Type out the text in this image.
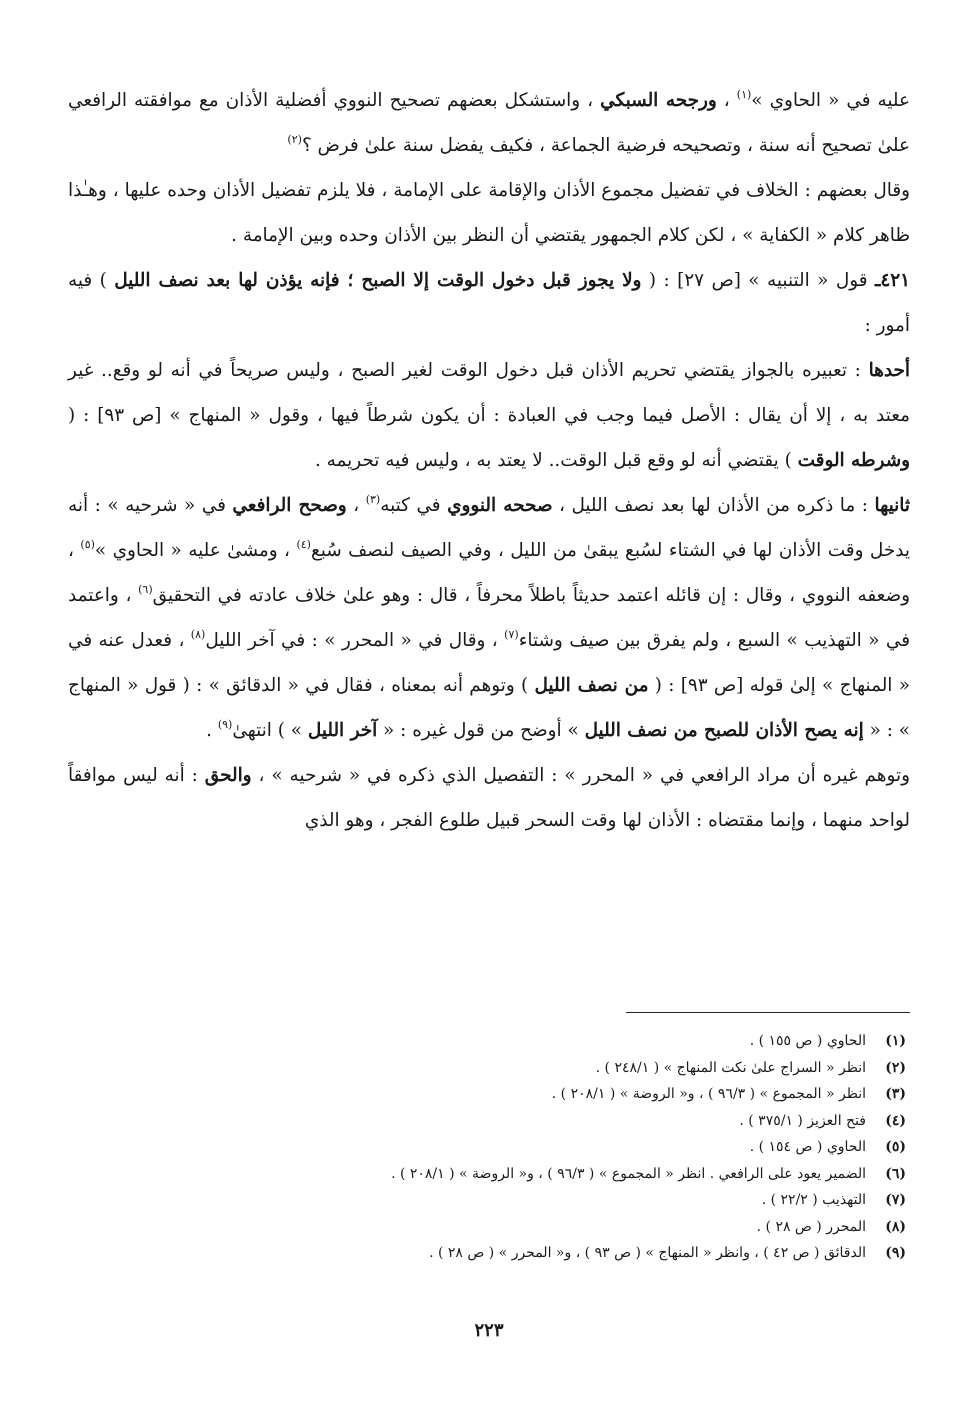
عليه في « الحاوي »$^{(١)}$ ، ورجحه السبكي ، واستشكل بعضهم تصحيح النووي أفضلية الأذان مع موافقته الرافعي علىٰ تصحيح أنه سنة ، وتصحيحه فرضية الجماعة ، فكيف يفضل سنة علىٰ فرض ؟$^{(٢)}$

وقال بعضهم : الخلاف في تفضيل مجموع الأذان والإقامة على الإمامة ، فلا يلزم تفضيل الأذان وحده عليها ، وهـٰذا ظاهر كلام « الكفاية » ، لكن كلام الجمهور يقتضي أن النظر بين الأذان وحده وبين الإمامة .

٤٢١ـ قول « التنبيه » [ص ٢٧] : ( ولا يجوز قبل دخول الوقت إلا الصبح ؛ فإنه يؤذن لها بعد نصف الليل ) فيه أمور :

أحدها : تعبيره بالجواز يقتضي تحريم الأذان قبل دخول الوقت لغير الصبح ، وليس صريحاً في أنه لو وقع.. غير معتد به ، إلا أن يقال : الأصل فيما وجب في العبادة : أن يكون شرطاً فيها ، وقول « المنهاج » [ص ٩٣] : ( وشرطه الوقت ) يقتضي أنه لو وقع قبل الوقت.. لا يعتد به ، وليس فيه تحريمه .

ثانيها : ما ذكره من الأذان لها بعد نصف الليل ، صححه النووي في كتبه$^{(٣)}$ ، وصحح الرافعي في « شرحيه » : أنه يدخل وقت الأذان لها في الشتاء لسُبع يبقىٰ من الليل ، وفي الصيف لنصف سُبع$^{(٤)}$ ، ومشىٰ عليه « الحاوي »$^{(٥)}$ ، وضعفه النووي ، وقال : إن قائله اعتمد حديثاً باطلاً محرفاً ، قال : وهو علىٰ خلاف عادته في التحقيق$^{(٦)}$ ، واعتمد في « التهذيب » السبع ، ولم يفرق بين صيف وشتاء$^{(٧)}$ ، وقال في « المحرر » : في آخر الليل$^{(٨)}$ ، فعدل عنه في « المنهاج » إلىٰ قوله [ص ٩٣] : ( من نصف الليل ) وتوهم أنه بمعناه ، فقال في « الدقائق » : ( قول « المنهاج » : « إنه يصح الأذان للصبح من نصف الليل » أوضح من قول غيره : « آخر الليل » ) انتهىٰ$^{(٩)}$ .

وتوهم غيره أن مراد الرافعي في « المحرر » : التفصيل الذي ذكره في « شرحيه » ، والحق : أنه ليس موافقاً لواحد منهما ، وإنما مقتضاه : الأذان لها وقت السحر قبيل طلوع الفجر ، وهو الذي

(١)
الحاوي ( ص ١٥٥ ) .
(٢)
انظر « السراج علىٰ نكت المنهاج » ( ٢٤٨/١ ) .
(٣)
انظر « المجموع » ( ٩٦/٣ ) ، و« الروضة » ( ٢٠٨/١ ) .
(٤)
فتح العزيز ( ٣٧٥/١ ) .
(٥)
الحاوي ( ص ١٥٤ ) .
(٦)
الضمير يعود على الرافعي . انظر « المجموع » ( ٩٦/٣ ) ، و« الروضة » ( ٢٠٨/١ ) .
(٧)
التهذيب ( ٢٢/٢ ) .
(٨)
المحرر ( ص ٢٨ ) .
(٩)
الدقائق ( ص ٤٢ ) ، وانظر « المنهاج » ( ص ٩٣ ) ، و« المحرر » ( ص ٢٨ ) .
٢٢٣
